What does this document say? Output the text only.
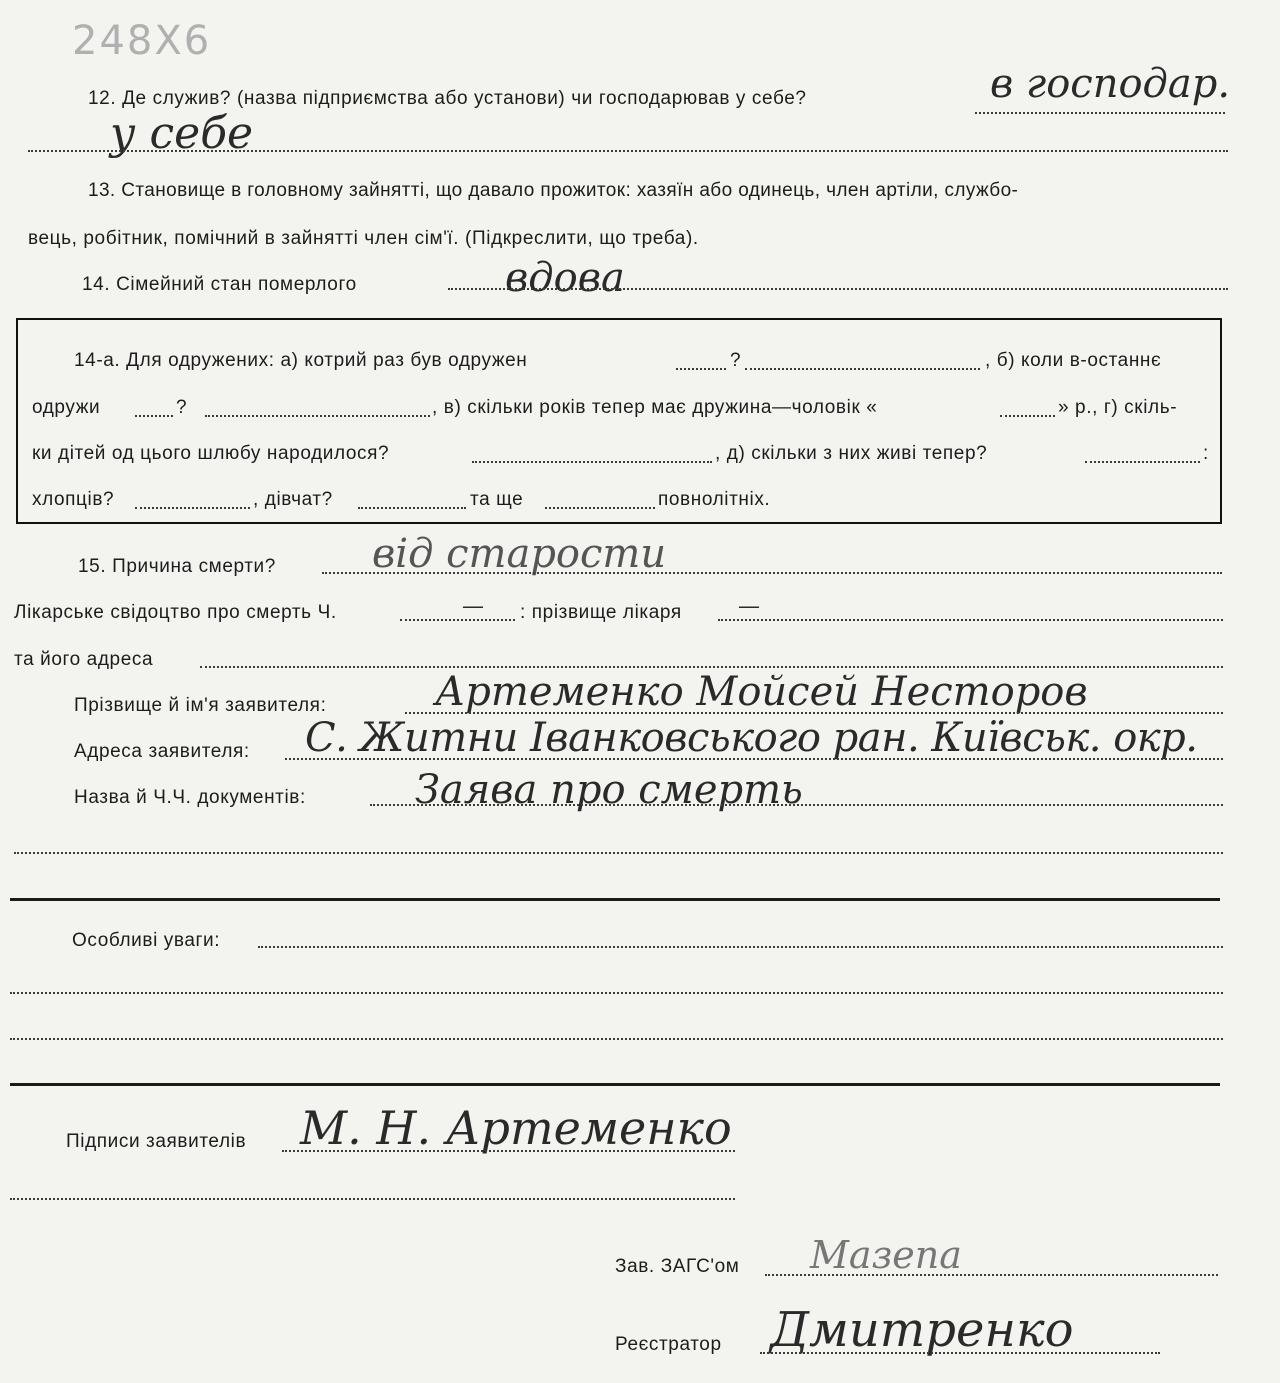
248Х6
12. Де служив? (назва підприємства або установи) чи господарював у себе?	в господар.
у себе
13. Становище в головному зайнятті, що давало прожиток: хазяїн або одинець, член артіли, службо-
вець, робітник, помічний в зайнятті член сім'ї. (Підкреслити, що треба).
14. Сімейний стан померлого	вдова
14-а. Для одружених: а) котрий раз був одружен	?	, б) коли в-останнє
одружи	?	, в) скільки років тепер має дружина—чоловік «	» р., г) скіль-
ки дітей од цього шлюбу народилося?	, д) скільки з них живі тепер?	:
хлопців?	, дівчат?	та ще	повнолітніх.
15. Причина смерти? від старости
Лікарське свідоцтво про смерть Ч.	— : прізвище лікаря	—
та його адреса
Прізвище й ім'я заявителя:	Артеменко Мойсей Несторов
Адреса заявителя: С. Житни Іванковського ран. Київськ. окр.
Назва й Ч.Ч. документів:	Заява про смерть
Особливі уваги:
Підписи заявителів М. Н. Артеменко
Зав. ЗАГС'ом Мазепа
Реєстратор Дмитренко
